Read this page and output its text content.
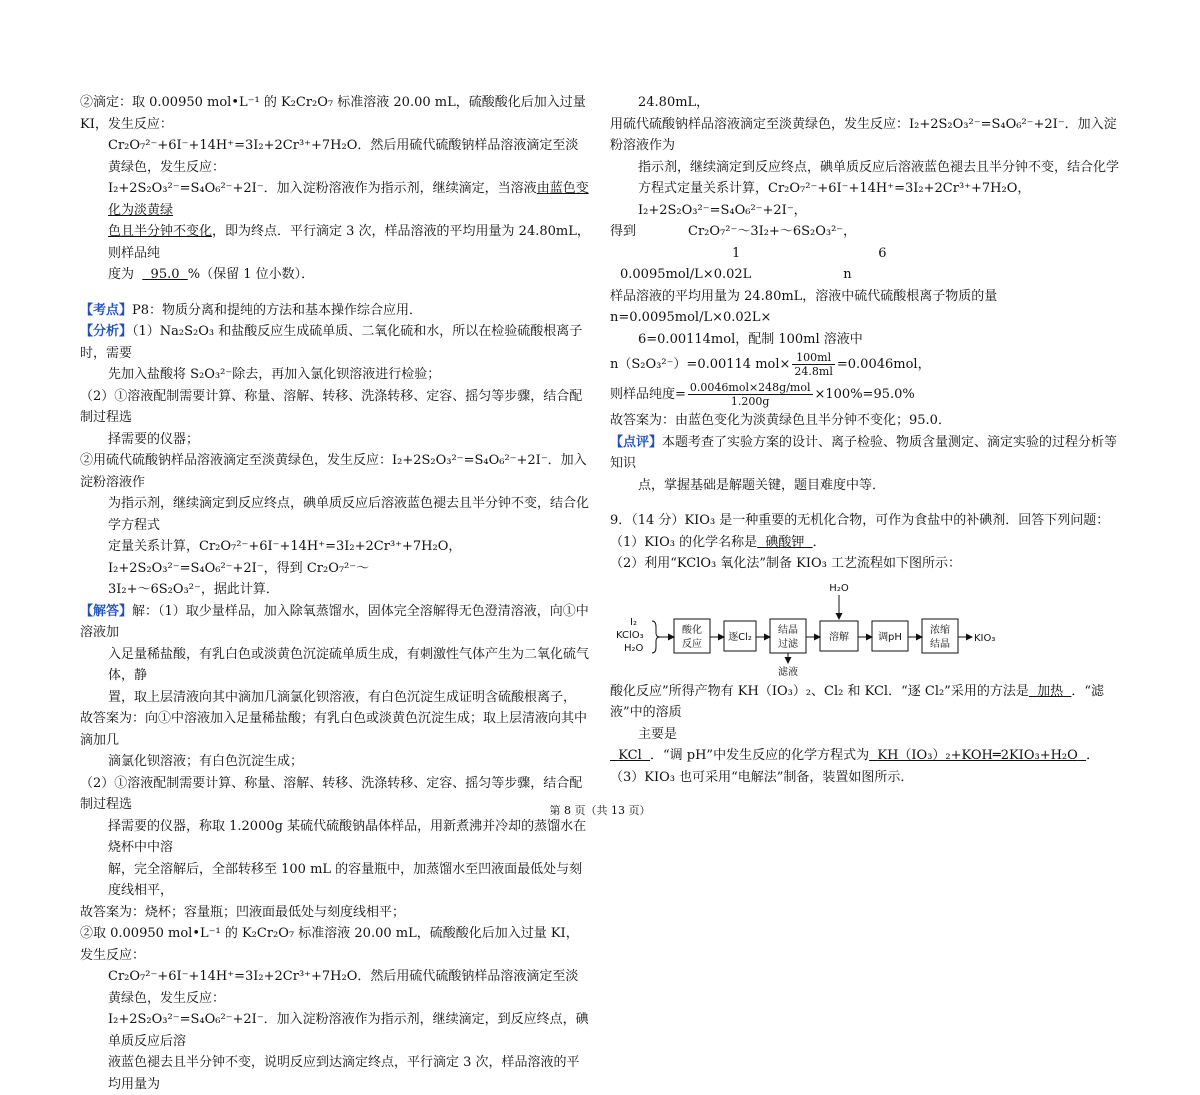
②滴定：取 0.00950 mol•L⁻¹ 的 K₂Cr₂O₇ 标准溶液 20.00 mL，硫酸酸化后加入过量 KI，发生反应：

Cr₂O₇²⁻+6I⁻+14H⁺=3I₂+2Cr³⁺+7H₂O．然后用硫代硫酸钠样品溶液滴定至淡黄绿色，发生反应：

I₂+2S₂O₃²⁻=S₄O₆²⁻+2I⁻．加入淀粉溶液作为指示剂，继续滴定，当溶液由蓝色变化为淡黄绿

色且半分钟不变化，即为终点．平行滴定 3 次，样品溶液的平均用量为 24.80mL，则样品纯

度为 95.0 %（保留 1 位小数）．

【考点】P8：物质分离和提纯的方法和基本操作综合应用．

【分析】（1）Na₂S₂O₃ 和盐酸反应生成硫单质、二氧化硫和水，所以在检验硫酸根离子时，需要

先加入盐酸将 S₂O₃²⁻除去，再加入氯化钡溶液进行检验；

（2）①溶液配制需要计算、称量、溶解、转移、洗涤转移、定容、摇匀等步骤，结合配制过程选

择需要的仪器；

②用硫代硫酸钠样品溶液滴定至淡黄绿色，发生反应：I₂+2S₂O₃²⁻=S₄O₆²⁻+2I⁻．加入淀粉溶液作

为指示剂，继续滴定到反应终点，碘单质反应后溶液蓝色褪去且半分钟不变，结合化学方程式

定量关系计算，Cr₂O₇²⁻+6I⁻+14H⁺=3I₂+2Cr³⁺+7H₂O，I₂+2S₂O₃²⁻=S₄O₆²⁻+2I⁻，得到 Cr₂O₇²⁻～

3I₂+～6S₂O₃²⁻，据此计算．

【解答】解：（1）取少量样品，加入除氧蒸馏水，固体完全溶解得无色澄清溶液，向①中溶液加

入足量稀盐酸，有乳白色或淡黄色沉淀硫单质生成，有刺激性气体产生为二氧化硫气体，静

置，取上层清液向其中滴加几滴氯化钡溶液，有白色沉淀生成证明含硫酸根离子，

故答案为：向①中溶液加入足量稀盐酸；有乳白色或淡黄色沉淀生成；取上层清液向其中滴加几

滴氯化钡溶液；有白色沉淀生成；

（2）①溶液配制需要计算、称量、溶解、转移、洗涤转移、定容、摇匀等步骤，结合配制过程选

择需要的仪器，称取 1.2000g 某硫代硫酸钠晶体样品，用新煮沸并冷却的蒸馏水在烧杯中中溶

解，完全溶解后，全部转移至 100 mL 的容量瓶中，加蒸馏水至凹液面最低处与刻度线相平，

故答案为：烧杯；容量瓶；凹液面最低处与刻度线相平；

②取 0.00950 mol•L⁻¹ 的 K₂Cr₂O₇ 标准溶液 20.00 mL，硫酸酸化后加入过量 KI，发生反应：

Cr₂O₇²⁻+6I⁻+14H⁺=3I₂+2Cr³⁺+7H₂O．然后用硫代硫酸钠样品溶液滴定至淡黄绿色，发生反应：

I₂+2S₂O₃²⁻=S₄O₆²⁻+2I⁻．加入淀粉溶液作为指示剂，继续滴定，到反应终点，碘单质反应后溶

液蓝色褪去且半分钟不变，说明反应到达滴定终点，平行滴定 3 次，样品溶液的平均用量为

24.80mL，

用硫代硫酸钠样品溶液滴定至淡黄绿色，发生反应：I₂+2S₂O₃²⁻=S₄O₆²⁻+2I⁻．加入淀粉溶液作为

指示剂，继续滴定到反应终点，碘单质反应后溶液蓝色褪去且半分钟不变，结合化学

方程式定量关系计算，Cr₂O₇²⁻+6I⁻+14H⁺=3I₂+2Cr³⁺+7H₂O，I₂+2S₂O₃²⁻=S₄O₆²⁻+2I⁻，

得到	Cr₂O₇²⁻～3I₂+～6S₂O₃²⁻，

1	6

0.0095mol/L×0.02L	n

样品溶液的平均用量为 24.80mL，溶液中硫代硫酸根离子物质的量 n=0.0095mol/L×0.02L×

6=0.00114mol，配制 100ml 溶液中

n（S₂O₃²⁻）=0.00114 $mol\times \frac{100ml}{24.8ml} =0.0046mol$，

则样品纯度= $\frac{\text{0.0046mol×248g/mol}}{1.200g} \times 100\%=95.0\%$

故答案为：由蓝色变化为淡黄绿色且半分钟不变化；95.0．

【点评】本题考查了实验方案的设计、离子检验、物质含量测定、滴定实验的过程分析等知识

点，掌握基础是解题关键，题目难度中等．

9．（14 分）KIO₃ 是一种重要的无机化合物，可作为食盐中的补碘剂．回答下列问题：

（1）KIO₃ 的化学名称是 碘酸钾 ．

（2）利用“KClO₃ 氧化法”制备 KIO₃ 工艺流程如下图所示：

I₂
KClO₃
H₂O
酸化
反应
逐Cl₂
结晶
过滤
滤液
H₂O
溶解	调pH
浓缩
结晶
KIO₃

酸化反应”所得产物有 KH（IO₃）₂、Cl₂ 和 KCl．“逐 Cl₂”采用的方法是 加热 ．“滤液”中的溶质

主要是

KCl ．“调 pH”中发生反应的化学方程式为 KH（IO₃）₂+KOH═2KIO₃+H₂O ．

（3）KIO₃ 也可采用“电解法”制备，装置如图所示．

第 8 页（共 13 页）
